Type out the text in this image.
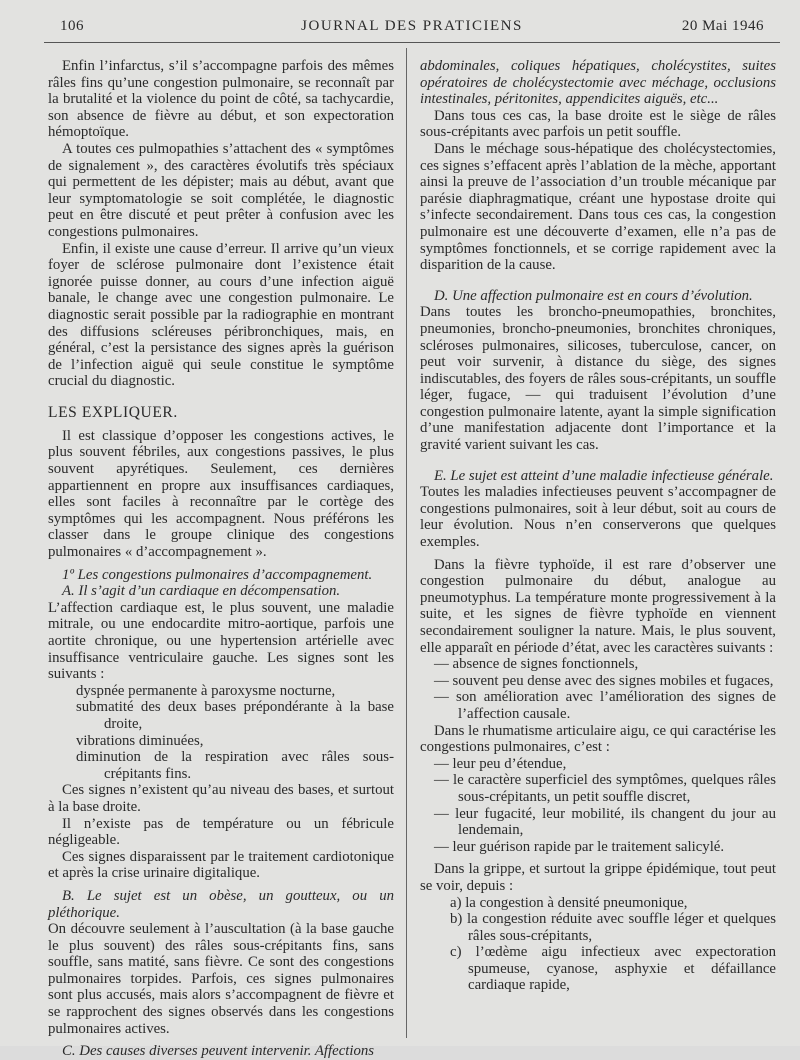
106	JOURNAL DES PRATICIENS	20 Mai 1946

Enfin l’infarctus, s’il s’accompagne parfois des mêmes râles fins qu’une congestion pulmonaire, se reconnaît par la brutalité et la violence du point de côté, sa tachycardie, son absence de fièvre au début, et son expectoration hémoptoïque.

A toutes ces pulmopathies s’attachent des « symptômes de signalement », des caractères évolutifs très spéciaux qui permettent de les dépister; mais au début, avant que leur symptomatologie se soit complétée, le diagnostic peut en être discuté et peut prêter à confusion avec les congestions pulmonaires.

Enfin, il existe une cause d’erreur. Il arrive qu’un vieux foyer de sclérose pulmonaire dont l’existence était ignorée puisse donner, au cours d’une infection aiguë banale, le change avec une congestion pulmonaire. Le diagnostic serait possible par la radiographie en montrant des diffusions scléreuses péribronchiques, mais, en général, c’est la persistance des signes après la guérison de l’infection aiguë qui seule constitue le symptôme crucial du diagnostic.

LES EXPLIQUER.

Il est classique d’opposer les congestions actives, le plus souvent fébriles, aux congestions passives, le plus souvent apyrétiques. Seulement, ces dernières appartiennent en propre aux insuffisances cardiaques, elles sont faciles à reconnaître par le cortège des symptômes qui les accompagnent. Nous préférons les classer dans le groupe clinique des congestions pulmonaires « d’accompagnement ».

1º Les congestions pulmonaires d’accompagnement.

A. Il s’agit d’un cardiaque en décompensation.

L’affection cardiaque est, le plus souvent, une maladie mitrale, ou une endocardite mitro-aortique, parfois une aortite chronique, ou une hypertension artérielle avec insuffisance ventriculaire gauche. Les signes sont les suivants :

dyspnée permanente à paroxysme nocturne,
submatité des deux bases prépondérante à la base droite,
vibrations diminuées,
diminution de la respiration avec râles sous-crépitants fins.

Ces signes n’existent qu’au niveau des bases, et surtout à la base droite.

Il n’existe pas de température ou un fébricule négligeable.

Ces signes disparaissent par le traitement cardiotonique et après la crise urinaire digitalique.

B. Le sujet est un obèse, un goutteux, ou un pléthorique.

On découvre seulement à l’auscultation (à la base gauche le plus souvent) des râles sous-crépitants fins, sans souffle, sans matité, sans fièvre. Ce sont des congestions pulmonaires torpides. Parfois, ces signes pulmonaires sont plus accusés, mais alors s’accompagnent de fièvre et se rapprochent des signes observés dans les congestions pulmonaires actives.

C. Des causes diverses peuvent intervenir. Affections

abdominales, coliques hépatiques, cholécystites, suites opératoires de cholécystectomie avec méchage, occlusions intestinales, péritonites, appendicites aiguës, etc...

Dans tous ces cas, la base droite est le siège de râles sous-crépitants avec parfois un petit souffle.

Dans le méchage sous-hépatique des cholécystectomies, ces signes s’effacent après l’ablation de la mèche, apportant ainsi la preuve de l’association d’un trouble mécanique par parésie diaphragmatique, créant une hypostase droite qui s’infecte secondairement. Dans tous ces cas, la congestion pulmonaire est une découverte d’examen, elle n’a pas de symptômes fonctionnels, et se corrige rapidement avec la disparition de la cause.

D. Une affection pulmonaire est en cours d’évolution.

Dans toutes les broncho-pneumopathies, bronchites, pneumonies, broncho-pneumonies, bronchites chroniques, scléroses pulmonaires, silicoses, tuberculose, cancer, on peut voir survenir, à distance du siège, des signes indiscutables, des foyers de râles sous-crépitants, un souffle léger, fugace, — qui traduisent l’évolution d’une congestion pulmonaire latente, ayant la simple signification d’une manifestation adjacente dont l’importance et la gravité varient suivant les cas.

E. Le sujet est atteint d’une maladie infectieuse générale.

Toutes les maladies infectieuses peuvent s’accompagner de congestions pulmonaires, soit à leur début, soit au cours de leur évolution. Nous n’en conserverons que quelques exemples.

Dans la fièvre typhoïde, il est rare d’observer une congestion pulmonaire du début, analogue au pneumotyphus. La température monte progressivement à la suite, et les signes de fièvre typhoïde en viennent secondairement souligner la nature. Mais, le plus souvent, elle apparaît en période d’état, avec les caractères suivants :

— absence de signes fonctionnels,
— souvent peu dense avec des signes mobiles et fugaces,
— son amélioration avec l’amélioration des signes de l’affection causale.

Dans le rhumatisme articulaire aigu, ce qui caractérise les congestions pulmonaires, c’est :

— leur peu d’étendue,
— le caractère superficiel des symptômes, quelques râles sous-crépitants, un petit souffle discret,
— leur fugacité, leur mobilité, ils changent du jour au lendemain,
— leur guérison rapide par le traitement salicylé.

Dans la grippe, et surtout la grippe épidémique, tout peut se voir, depuis :

a) la congestion à densité pneumonique,
b) la congestion réduite avec souffle léger et quelques râles sous-crépitants,
c) l’œdème aigu infectieux avec expectoration spumeuse, cyanose, asphyxie et défaillance cardiaque rapide,
